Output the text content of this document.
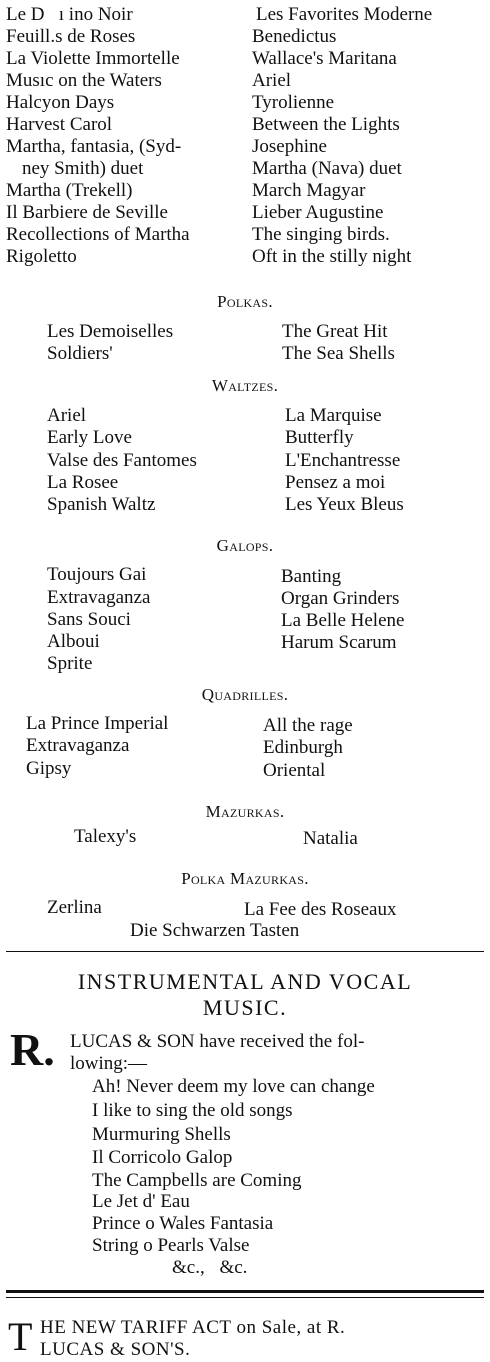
Le D   ı ino Noir
Feuill.s de Roses
La Violette Immortelle
Musıc on the Waters
Halcyon Days
Harvest Carol
Martha, fantasia, (Syd-
ney Smith) duet
Martha (Trekell)
Il Barbiere de Seville
Recollections of Martha
Rigoletto
Les Favorites Moderne
Benedictus
Wallace's Maritana
Ariel
Tyrolienne
Between the Lights
Josephine
Martha (Nava) duet
March Magyar
Lieber Augustine
The singing birds.
Oft in the stilly night
Polkas.
Les Demoiselles
Soldiers'
The Great Hit
The Sea Shells
Waltzes.
Ariel
Early Love
Valse des Fantomes
La Rosee
Spanish Waltz
La Marquise
Butterfly
L'Enchantresse
Pensez a moi
Les Yeux Bleus
Galops.
Toujours Gai
Extravaganza
Sans Souci
Alboui
Sprite
Banting
Organ Grinders
La Belle Helene
Harum Scarum
Quadrilles.
La Prince Imperial
Extravaganza
Gipsy
All the rage
Edinburgh
Oriental
Mazurkas.
Talexy's	Natalia
Polka Mazurkas.
Zerlina	La Fee des Roseaux
Die Schwarzen Tasten
INSTRUMENTAL AND VOCAL
MUSIC.
R. LUCAS & SON have received the fol-
lowing:—
Ah! Never deem my love can change
I like to sing the old songs
Murmuring Shells
Il Corricolo Galop
The Campbells are Coming
Le Jet d' Eau
Prince o Wales Fantasia
String o Pearls Valse
&c., &c.
T HE NEW TARIFF ACT on Sale, at R.
LUCAS & SON'S.
